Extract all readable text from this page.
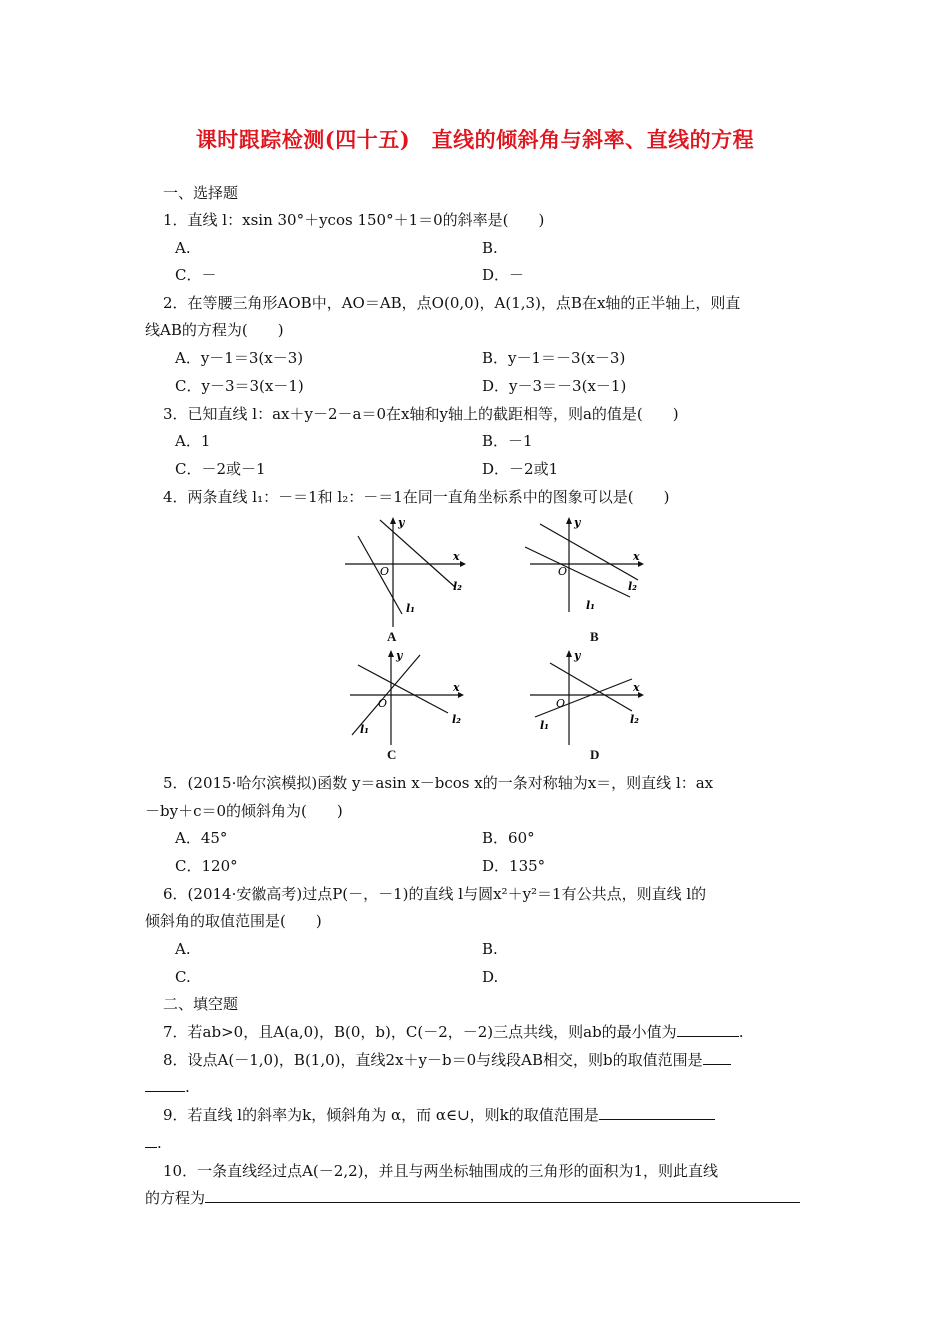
课时跟踪检测(四十五)　直线的倾斜角与斜率、直线的方程
一、选择题
1．直线 l：xsin 30°＋ycos 150°＋1＝0的斜率是(　　)
A.	B.
C．－	D．－
2．在等腰三角形AOB中，AO＝AB，点O(0,0)，A(1,3)，点B在x轴的正半轴上，则直
线AB的方程为(　　)
A．y－1＝3(x－3)	B．y－1＝－3(x－3)
C．y－3＝3(x－1)	D．y－3＝－3(x－1)
3．已知直线 l：ax＋y－2－a＝0在x轴和y轴上的截距相等，则a的值是(　　)
A．1	B．－1
C．－2或－1	D．－2或1
4．两条直线 l₁：－＝1和 l₂：－＝1在同一直角坐标系中的图象可以是(　　)
x
y
O
l₁
l₂
A
x
y
O
l₁
l₂
B
x
y
O
l₁
l₂
C
x
y
O
l₁	l₂
D
5．(2015·哈尔滨模拟)函数 y＝asin x－bcos x的一条对称轴为x＝，则直线 l：ax
－by＋c＝0的倾斜角为(　　)
A．45°	B．60°
C．120°	D．135°
6．(2014·安徽高考)过点P(－，－1)的直线 l与圆x²＋y²＝1有公共点，则直线 l的
倾斜角的取值范围是(　　)
A.	B.
C.	D.
二、填空题
7．若ab>0，且A(a,0)，B(0，b)，C(－2，－2)三点共线，则ab的最小值为	.
8．设点A(－1,0)，B(1,0)，直线2x＋y－b＝0与线段AB相交，则b的取值范围是
.
9．若直线 l的斜率为k，倾斜角为 α，而 α∈∪，则k的取值范围是
.
10．一条直线经过点A(－2,2)，并且与两坐标轴围成的三角形的面积为1，则此直线
的方程为
